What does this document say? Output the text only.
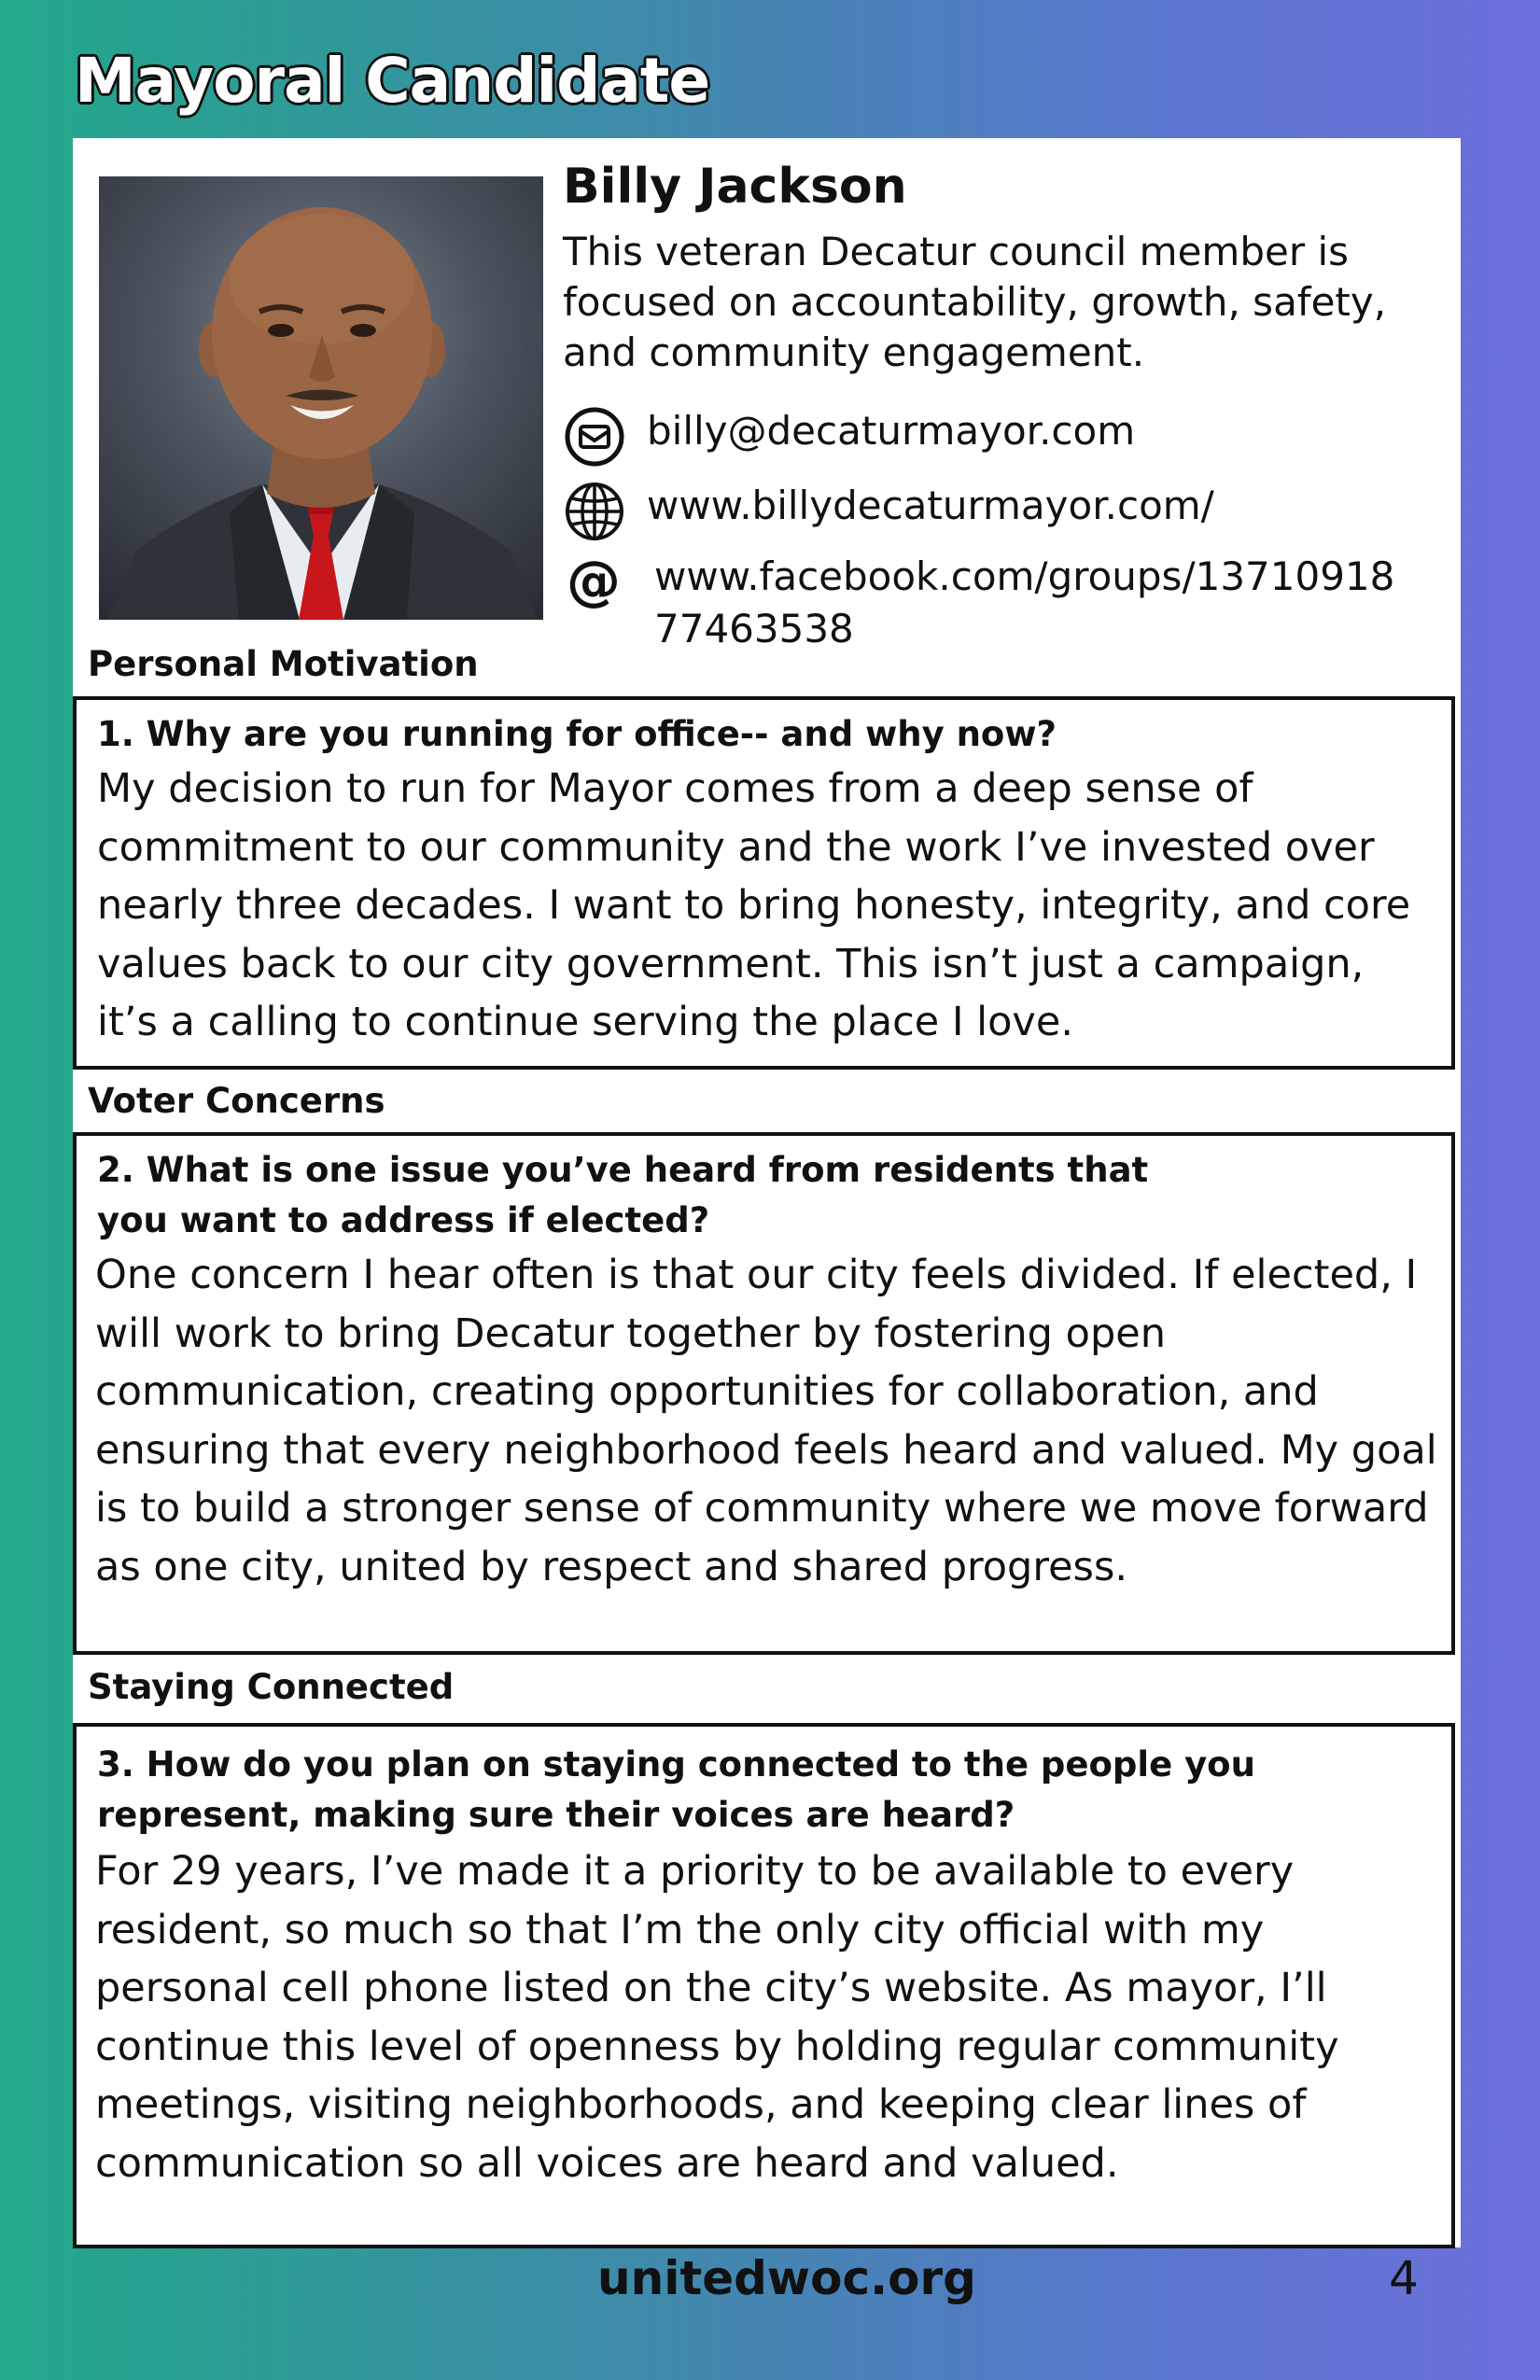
Mayoral Candidate
Billy Jackson
This veteran Decatur council member is focused on accountability, growth, safety, and community engagement.
billy@decaturmayor.com
www.billydecaturmayor.com/
@ www.facebook.com/groups/1371091877463538
Personal Motivation
1. Why are you running for office-- and why now?
My decision to run for Mayor comes from a deep sense of commitment to our community and the work I’ve invested over nearly three decades. I want to bring honesty, integrity, and core values back to our city government. This isn’t just a campaign, it’s a calling to continue serving the place I love.
Voter Concerns
2. What is one issue you’ve heard from residents that you want to address if elected?
One concern I hear often is that our city feels divided. If elected, I will work to bring Decatur together by fostering open communication, creating opportunities for collaboration, and ensuring that every neighborhood feels heard and valued. My goal is to build a stronger sense of community where we move forward as one city, united by respect and shared progress.
Staying Connected
3. How do you plan on staying connected to the people you represent, making sure their voices are heard?
For 29 years, I’ve made it a priority to be available to every resident, so much so that I’m the only city official with my personal cell phone listed on the city’s website. As mayor, I’ll continue this level of openness by holding regular community meetings, visiting neighborhoods, and keeping clear lines of communication so all voices are heard and valued.
unitedwoc.org	4
